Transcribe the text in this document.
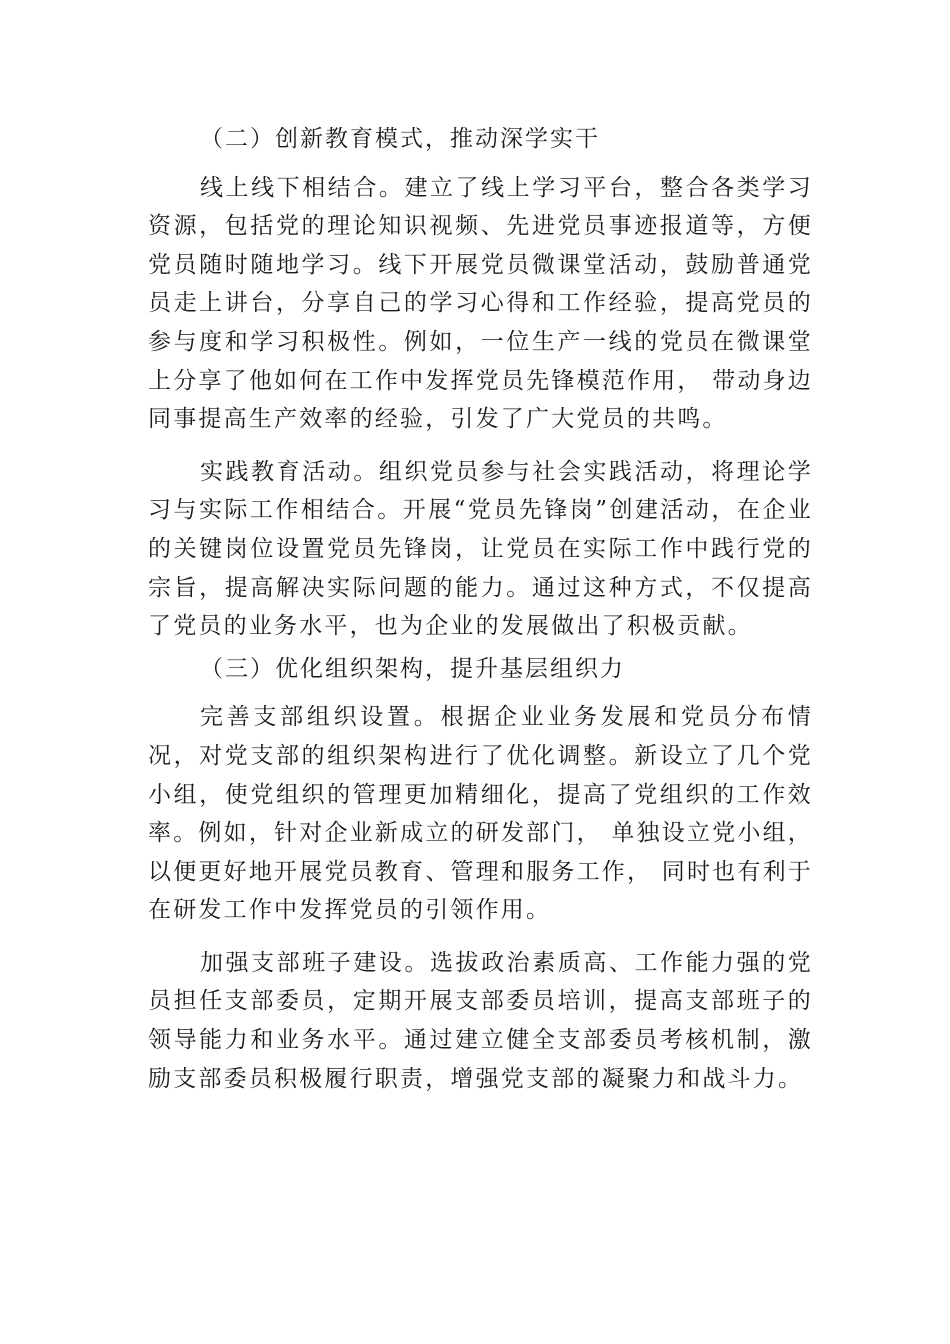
（二）创新教育模式，推动深学实干

线上线下相结合。建立了线上学习平台，整合各类学习资源，包括党的理论知识视频、先进党员事迹报道等，方便党员随时随地学习。线下开展党员微课堂活动，鼓励普通党员走上讲台，分享自己的学习心得和工作经验，提高党员的参与度和学习积极性。例如，一位生产一线的党员在微课堂上分享了他如何在工作中发挥党员先锋模范作用， 带动身边 同事提高生产效率的经验，引发了广大党员的共鸣。

实践教育活动。组织党员参与社会实践活动，将理论学习与实际工作相结合。开展“党员先锋岗”创建活动，在企业的关键岗位设置党员先锋岗，让党员在实际工作中践行党的宗旨，提高解决实际问题的能力。通过这种方式，不仅提高了党员的业务水平，也为企业的发展做出了积极贡献。

（三）优化组织架构，提升基层组织力

完善支部组织设置。根据企业业务发展和党员分布情况，对党支部的组织架构进行了优化调整。新设立了几个党小组，使党组织的管理更加精细化，提高了党组织的工作效率。例如，针对企业新成立的研发部门， 单独设立党小组，以便更好地开展党员教育、管理和服务工作， 同时也有利于在研发工作中发挥党员的引领作用。

加强支部班子建设。选拔政治素质高、工作能力强的党员担任支部委员，定期开展支部委员培训，提高支部班子的领导能力和业务水平。通过建立健全支部委员考核机制，激励支部委员积极履行职责，增强党支部的凝聚力和战斗力。
